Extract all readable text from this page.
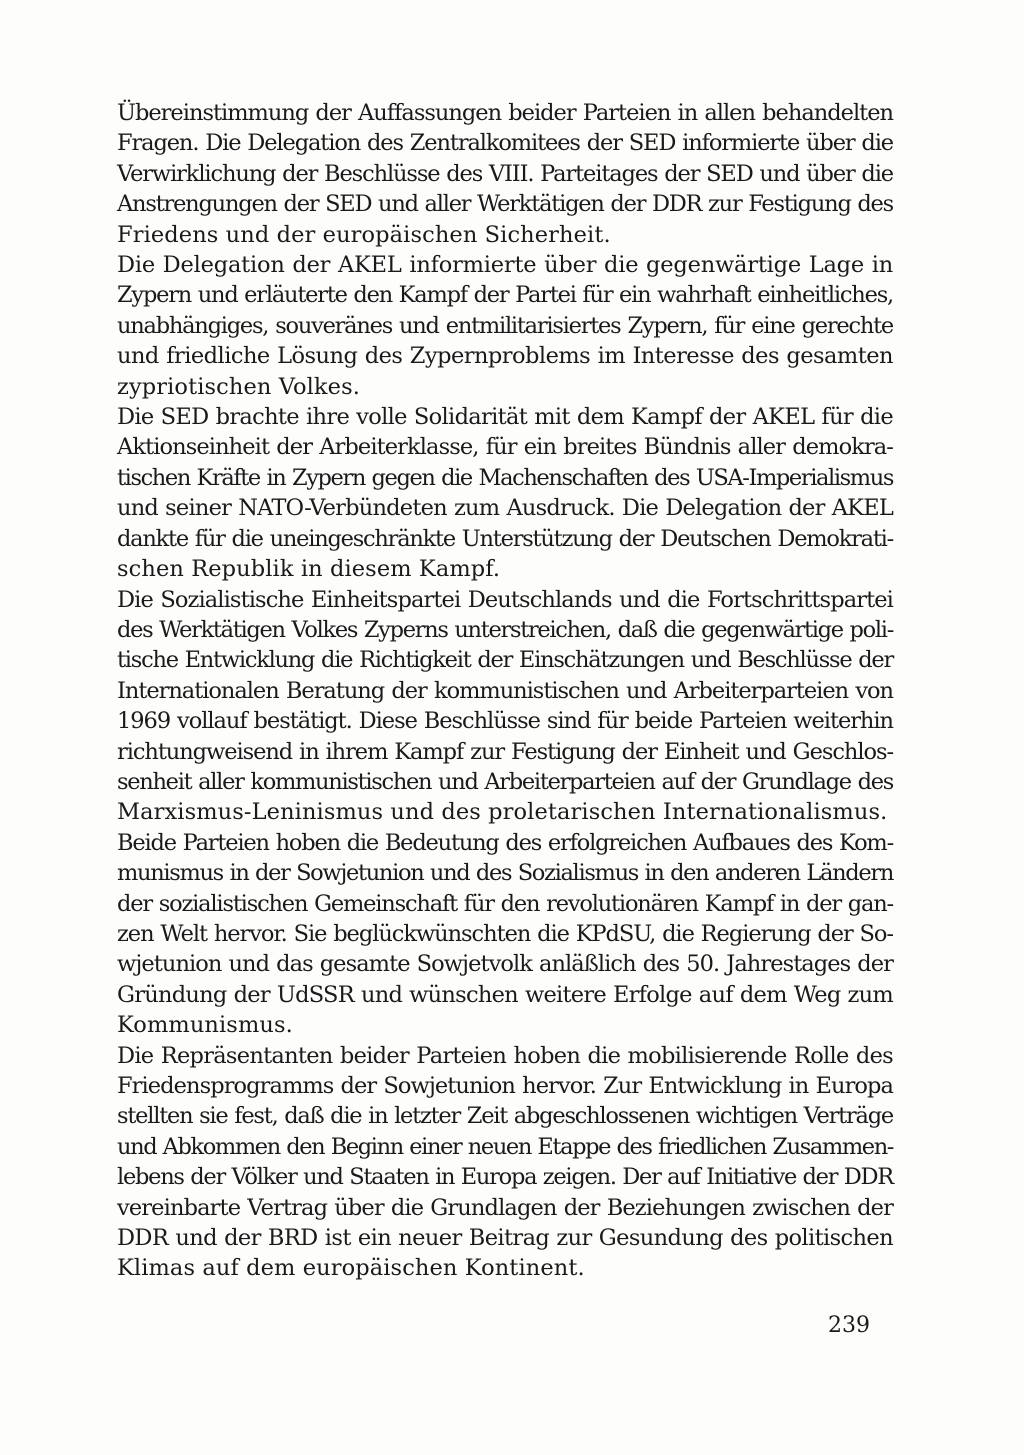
Übereinstimmung der Auffassungen beider Parteien in allen behandelten
Fragen. Die Delegation des Zentralkomitees der SED informierte über die
Verwirklichung der Beschlüsse des VIII. Parteitages der SED und über die
Anstrengungen der SED und aller Werktätigen der DDR zur Festigung des
Friedens und der europäischen Sicherheit.
Die Delegation der AKEL informierte über die gegenwärtige Lage in
Zypern und erläuterte den Kampf der Partei für ein wahrhaft einheitliches,
unabhängiges, souveränes und entmilitarisiertes Zypern, für eine gerechte
und friedliche Lösung des Zypernproblems im Interesse des gesamten
zypriotischen Volkes.
Die SED brachte ihre volle Solidarität mit dem Kampf der AKEL für die
Aktionseinheit der Arbeiterklasse, für ein breites Bündnis aller demokra-
tischen Kräfte in Zypern gegen die Machenschaften des USA-Imperialismus
und seiner NATO-Verbündeten zum Ausdruck. Die Delegation der AKEL
dankte für die uneingeschränkte Unterstützung der Deutschen Demokrati-
schen Republik in diesem Kampf.
Die Sozialistische Einheitspartei Deutschlands und die Fortschrittspartei
des Werktätigen Volkes Zyperns unterstreichen, daß die gegenwärtige poli-
tische Entwicklung die Richtigkeit der Einschätzungen und Beschlüsse der
Internationalen Beratung der kommunistischen und Arbeiterparteien von
1969 vollauf bestätigt. Diese Beschlüsse sind für beide Parteien weiterhin
richtungweisend in ihrem Kampf zur Festigung der Einheit und Geschlos-
senheit aller kommunistischen und Arbeiterparteien auf der Grundlage des
Marxismus-Leninismus und des proletarischen Internationalismus.
Beide Parteien hoben die Bedeutung des erfolgreichen Aufbaues des Kom-
munismus in der Sowjetunion und des Sozialismus in den anderen Ländern
der sozialistischen Gemeinschaft für den revolutionären Kampf in der gan-
zen Welt hervor. Sie beglückwünschten die KPdSU, die Regierung der So-
wjetunion und das gesamte Sowjetvolk anläßlich des 50. Jahrestages der
Gründung der UdSSR und wünschen weitere Erfolge auf dem Weg zum
Kommunismus.
Die Repräsentanten beider Parteien hoben die mobilisierende Rolle des
Friedensprogramms der Sowjetunion hervor. Zur Entwicklung in Europa
stellten sie fest, daß die in letzter Zeit abgeschlossenen wichtigen Verträge
und Abkommen den Beginn einer neuen Etappe des friedlichen Zusammen-
lebens der Völker und Staaten in Europa zeigen. Der auf Initiative der DDR
vereinbarte Vertrag über die Grundlagen der Beziehungen zwischen der
DDR und der BRD ist ein neuer Beitrag zur Gesundung des politischen
Klimas auf dem europäischen Kontinent.
239
